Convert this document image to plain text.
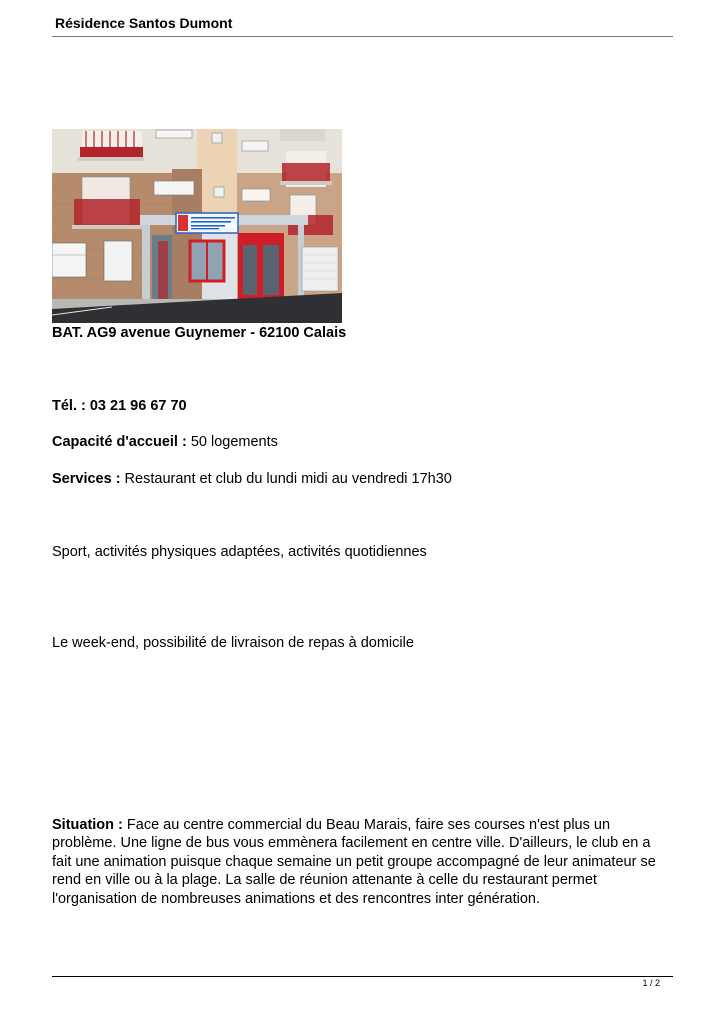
Résidence Santos Dumont
BAT. AG9 avenue Guynemer - 62100 Calais
Tél. : 03 21 96 67 70
Capacité d'accueil : 50 logements
Services : Restaurant et club du lundi midi au vendredi 17h30
Sport, activités physiques adaptées, activités quotidiennes
Le week-end, possibilité de livraison de repas à domicile
Situation : Face au centre commercial du Beau Marais, faire ses courses n'est plus un problème. Une ligne de bus vous emmènera facilement en centre ville. D'ailleurs, le club en a fait une animation puisque chaque semaine un petit groupe accompagné de leur animateur se rend en ville ou à la plage. La salle de réunion attenante à celle du restaurant permet l'organisation de nombreuses animations et des rencontres inter génération.
1 / 2
